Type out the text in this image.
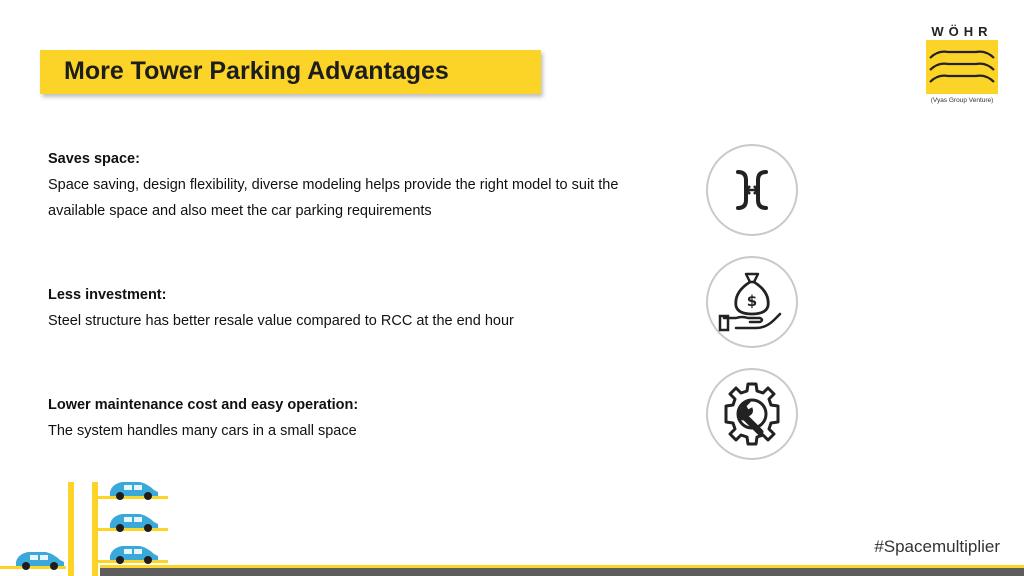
More Tower Parking Advantages
WÖHR
(Vyas Group Venture)
Saves space:
Space saving, design flexibility, diverse modeling helps provide the right model to suit the available space and also meet the car parking requirements
Less investment:
Steel structure has better resale value compared to RCC at the end hour
Lower maintenance cost and easy operation:
The system handles many cars in a small space
$
#Spacemultiplier
